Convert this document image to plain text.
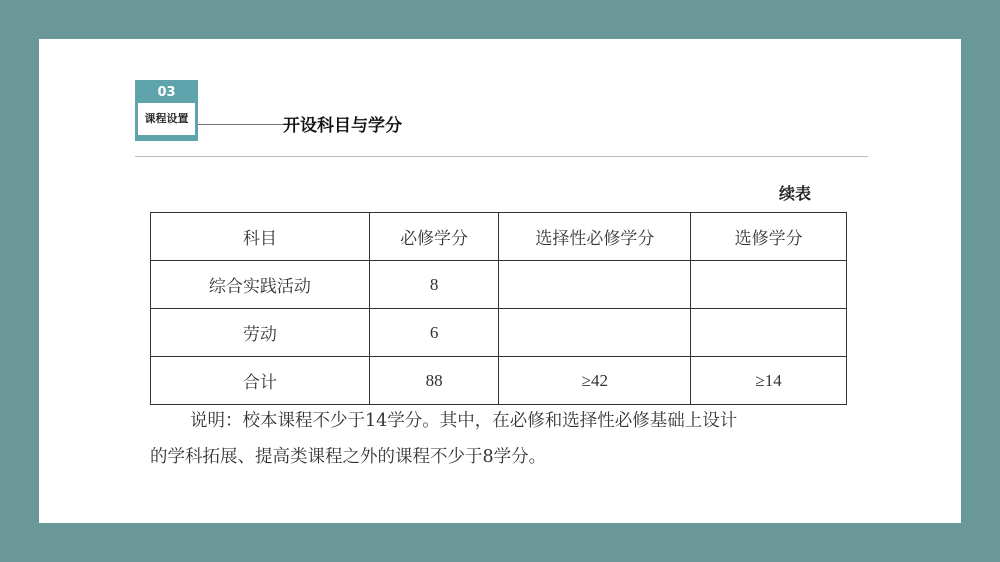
03
课程设置	开设科目与学分
续表
科目	必修学分	选择性必修学分	选修学分
综合实践活动	8		
劳动	6		
合计	88	≥42	≥14
说明：校本课程不少于14学分。其中，在必修和选择性必修基础上设计
的学科拓展、提高类课程之外的课程不少于8学分。
